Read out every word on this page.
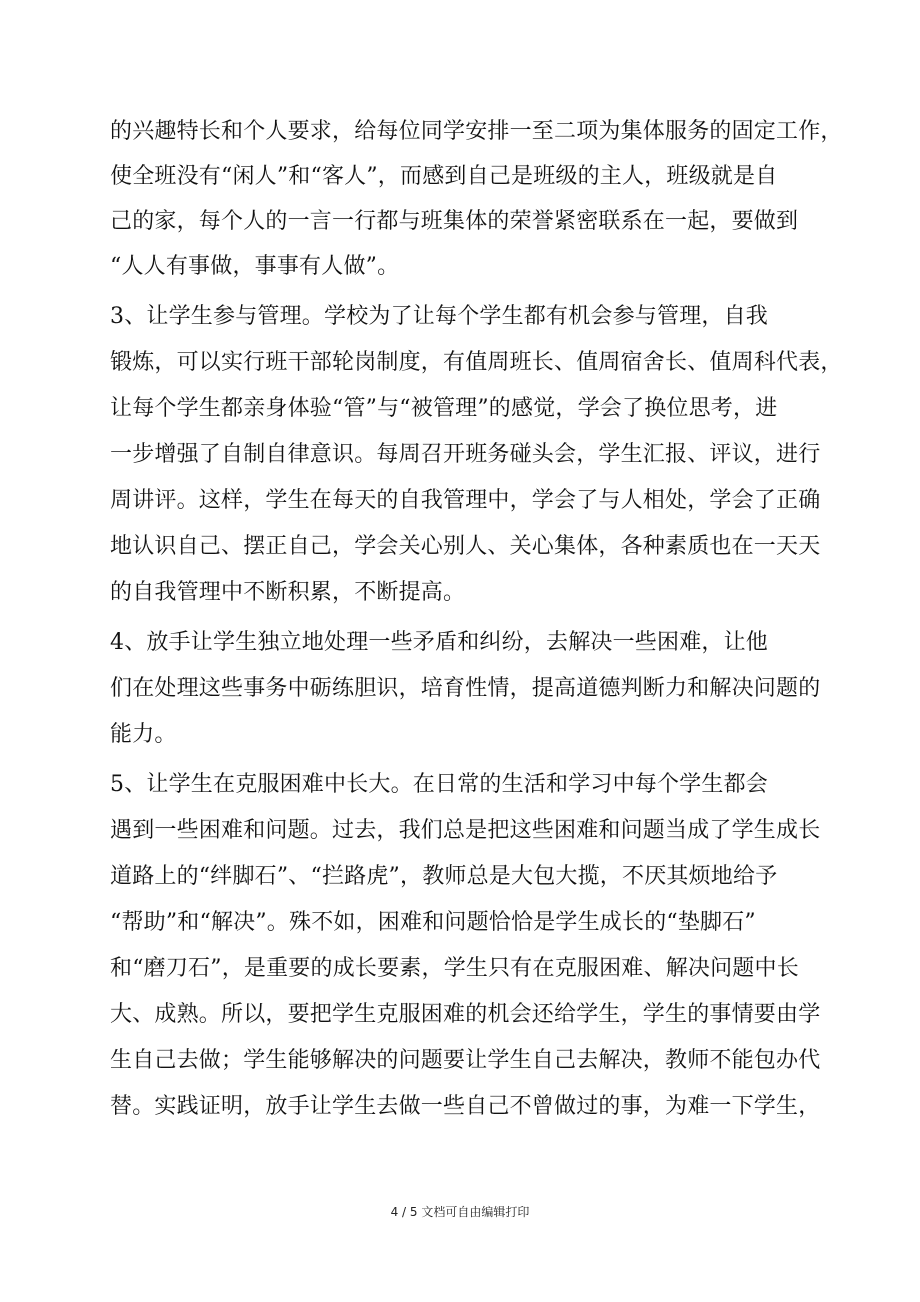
的兴趣特长和个人要求，给每位同学安排一至二项为集体服务的固定工作，
使全班没有“闲人”和“客人”，而感到自己是班级的主人，班级就是自
己的家，每个人的一言一行都与班集体的荣誉紧密联系在一起，要做到
“人人有事做，事事有人做”。
3、让学生参与管理。学校为了让每个学生都有机会参与管理，自我
锻炼，可以实行班干部轮岗制度，有值周班长、值周宿舍长、值周科代表，
让每个学生都亲身体验“管”与“被管理”的感觉，学会了换位思考，进
一步增强了自制自律意识。每周召开班务碰头会，学生汇报、评议，进行
周讲评。这样，学生在每天的自我管理中，学会了与人相处，学会了正确
地认识自己、摆正自己，学会关心别人、关心集体，各种素质也在一天天
的自我管理中不断积累，不断提高。
4、放手让学生独立地处理一些矛盾和纠纷，去解决一些困难，让他
们在处理这些事务中砺练胆识，培育性情，提高道德判断力和解决问题的
能力。
5、让学生在克服困难中长大。在日常的生活和学习中每个学生都会
遇到一些困难和问题。过去，我们总是把这些困难和问题当成了学生成长
道路上的“绊脚石”、“拦路虎”，教师总是大包大揽，不厌其烦地给予
“帮助”和“解决”。殊不如，困难和问题恰恰是学生成长的“垫脚石”
和“磨刀石”，是重要的成长要素，学生只有在克服困难、解决问题中长
大、成熟。所以，要把学生克服困难的机会还给学生，学生的事情要由学
生自己去做；学生能够解决的问题要让学生自己去解决，教师不能包办代
替。实践证明，放手让学生去做一些自己不曾做过的事，为难一下学生，
4 / 5 文档可自由编辑打印
